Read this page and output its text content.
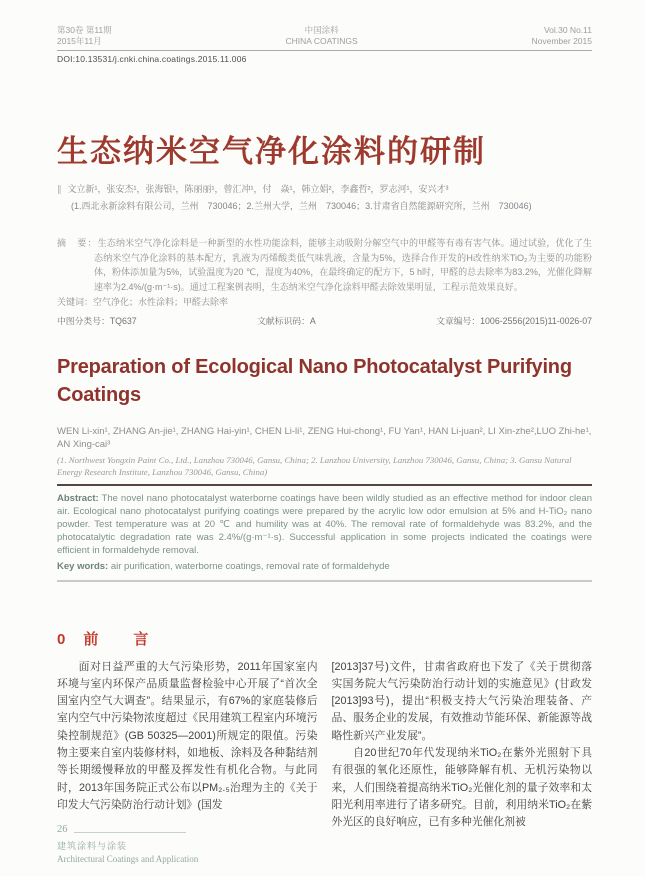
第30卷 第11期
2015年11月
中国涂料
CHINA COATINGS
Vol.30 No.11
November 2015
DOI:10.13531/j.cnki.china.coatings.2015.11.006
生态纳米空气净化涂料的研制
∥ 文立新¹，张安杰¹，张海银¹，陈丽丽¹，曾汇冲¹，付　焱¹，韩立娟²，李鑫哲²，罗志河¹，安兴才³
(1.西北永新涂料有限公司，兰州　730046；2.兰州大学，兰州　730046；3.甘肃省自然能源研究所，兰州　730046)
摘　要：生态纳米空气净化涂料是一种新型的水性功能涂料，能够主动吸附分解空气中的甲醛等有毒有害气体。通过试验，优化了生态纳米空气净化涂料的基本配方，乳液为丙烯酸类低气味乳液，含量为5%，选择合作开发的H改性纳米TiO₂为主要的功能粉体，粉体添加量为5%，试验温度为20 ℃，湿度为40%，在最终确定的配方下，5 h时，甲醛的总去除率为83.2%，光催化降解速率为2.4%/(g·m⁻¹·s)。通过工程案例表明，生态纳米空气净化涂料甲醛去除效果明显，工程示范效果良好。
关键词：空气净化；水性涂料；甲醛去除率
中图分类号：TQ637	文献标识码：A	文章编号：1006-2556(2015)11-0026-07
Preparation of Ecological Nano Photocatalyst Purifying Coatings
WEN Li-xin¹, ZHANG An-jie¹, ZHANG Hai-yin¹, CHEN Li-li¹, ZENG Hui-chong¹, FU Yan¹, HAN Li-juan², LI Xin-zhe²,LUO Zhi-he¹, AN Xing-cai³
(1. Northwest Yongxin Paint Co., Ltd., Lanzhou 730046, Gansu, China; 2. Lanzhou University, Lanzhou 730046, Gansu, China; 3. Gansu Natural Energy Research Institute, Lanzhou 730046, Gansu, China)
Abstract: The novel nano photocatalyst waterborne coatings have been wildly studied as an effective method for indoor clean air. Ecological nano photocatalyst purifying coatings were prepared by the acrylic low odor emulsion at 5% and H-TiO₂ nano powder. Test temperature was at 20 ℃ and humility was at 40%. The removal rate of formaldehyde was 83.2%, and the photocatalytic degradation rate was 2.4%/(g·m⁻¹·s). Successful application in some projects indicated the coatings were efficient in formaldehyde removal.
Key words: air purification, waterborne coatings, removal rate of formaldehyde
0 前　言

面对日益严重的大气污染形势，2011年国家室内环境与室内环保产品质量监督检验中心开展了“首次全国室内空气大调查”。结果显示，有67%的家庭装修后室内空气中污染物浓度超过《民用建筑工程室内环境污染控制规范》(GB 50325—2001)所规定的限值。污染物主要来自室内装修材料，如地板、涂料及各种黏结剂等长期缓慢释放的甲醛及挥发性有机化合物。与此同时，2013年国务院正式公布以PM₂.₅治理为主的《关于印发大气污染防治行动计划》(国发

[2013]37号)文件，甘肃省政府也下发了《关于贯彻落实国务院大气污染防治行动计划的实施意见》(甘政发[2013]93号)，提出“积极支持大气污染治理装备、产品、服务企业的发展，有效推动节能环保、新能源等战略性新兴产业发展”。

自20世纪70年代发现纳米TiO₂在紫外光照射下具有很强的氧化还原性，能够降解有机、无机污染物以来，人们围绕着提高纳米TiO₂光催化剂的量子效率和太阳光利用率进行了诸多研究。目前，利用纳米TiO₂在紫外光区的良好响应，已有多种光催化剂被

26
建筑涂料与涂装
Architectural Coatings and Application
